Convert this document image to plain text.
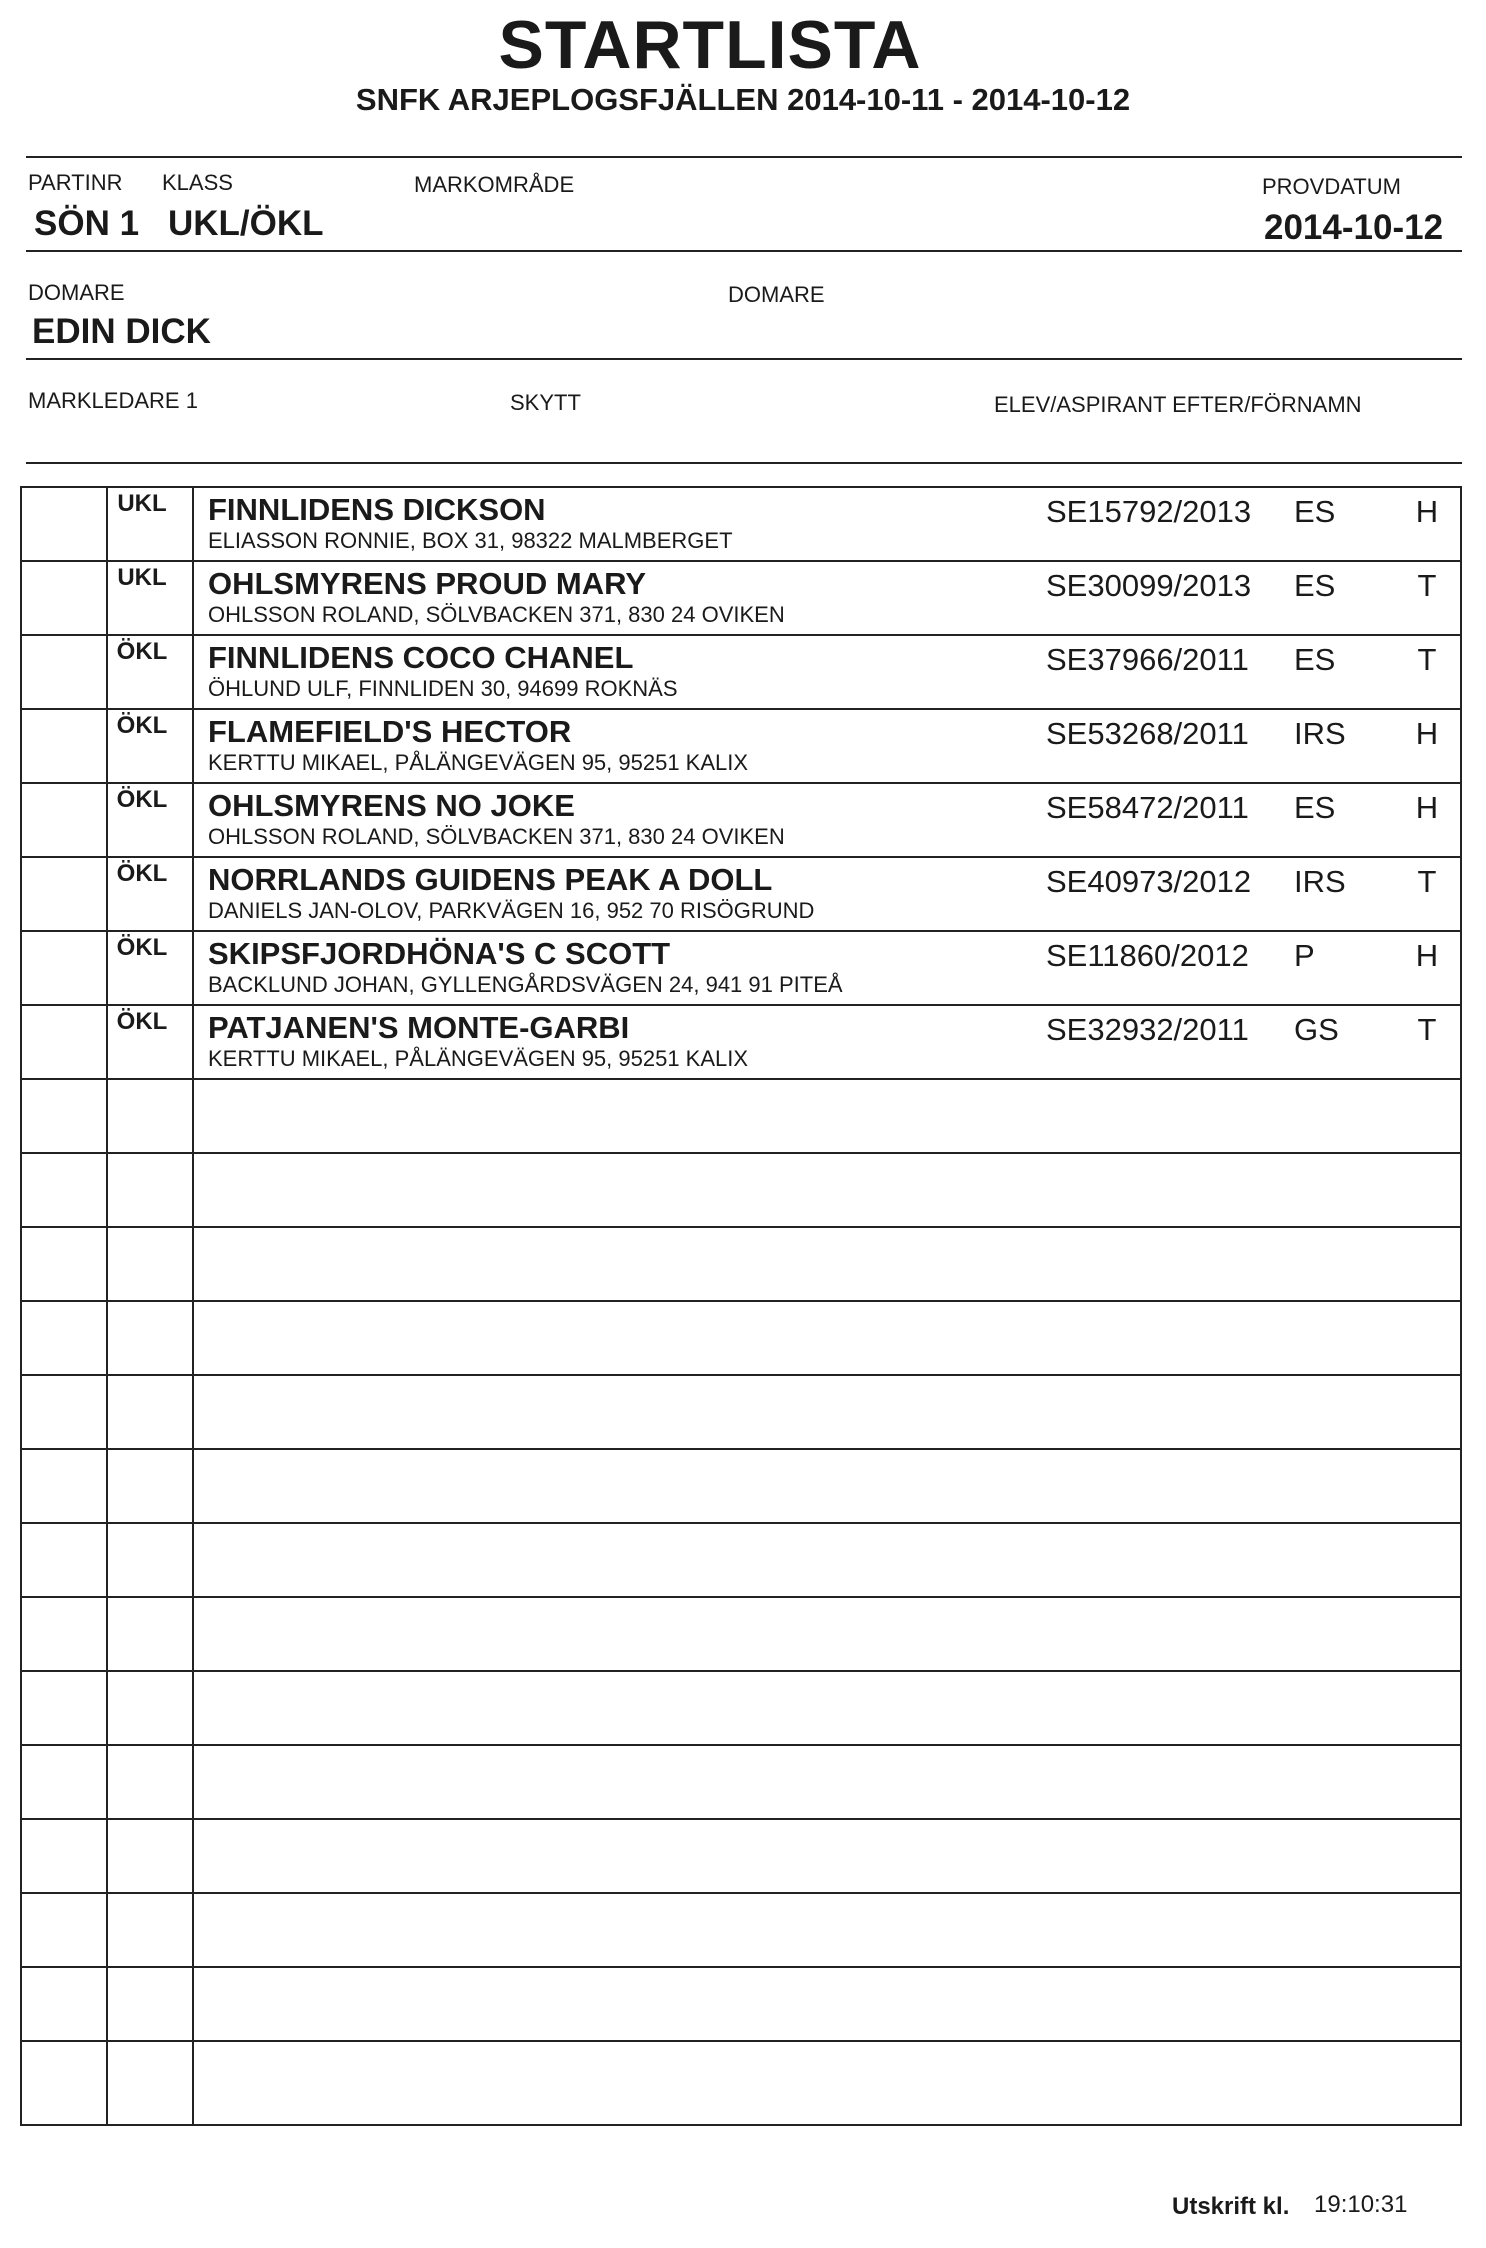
STARTLISTA
SNFK ARJEPLOGSFJÄLLEN 2014-10-11 - 2014-10-12
PARTINR KLASS	MARKOMRÅDE	PROVDATUM
SÖN 1 UKL/ÖKL	2014-10-12
DOMARE	DOMARE
EDIN DICK
MARKLEDARE 1	SKYTT	ELEV/ASPIRANT EFTER/FÖRNAMN
UKL	FINNLIDENS DICKSON
ELIASSON RONNIE, BOX 31, 98322 MALMBERGET
SE15792/2013 ES	H
UKL	OHLSMYRENS PROUD MARY
OHLSSON ROLAND, SÖLVBACKEN 371, 830 24 OVIKEN
SE30099/2013 ES	T
ÖKL	FINNLIDENS COCO CHANEL
ÖHLUND ULF, FINNLIDEN 30, 94699 ROKNÄS
SE37966/2011 ES	T
ÖKL	FLAMEFIELD'S HECTOR
KERTTU MIKAEL, PÅLÄNGEVÄGEN 95, 95251 KALIX
SE53268/2011 IRS	H
ÖKL	OHLSMYRENS NO JOKE
OHLSSON ROLAND, SÖLVBACKEN 371, 830 24 OVIKEN
SE58472/2011 ES	H
ÖKL	NORRLANDS GUIDENS PEAK A DOLL
DANIELS JAN-OLOV, PARKVÄGEN 16, 952 70 RISÖGRUND
SE40973/2012 IRS	T
ÖKL	SKIPSFJORDHÖNA'S C SCOTT
BACKLUND JOHAN, GYLLENGÅRDSVÄGEN 24, 941 91 PITEÅ
SE11860/2012 P	H
ÖKL	PATJANEN'S MONTE-GARBI
KERTTU MIKAEL, PÅLÄNGEVÄGEN 95, 95251 KALIX
SE32932/2011 GS	T
Utskrift kl. 19:10:31
